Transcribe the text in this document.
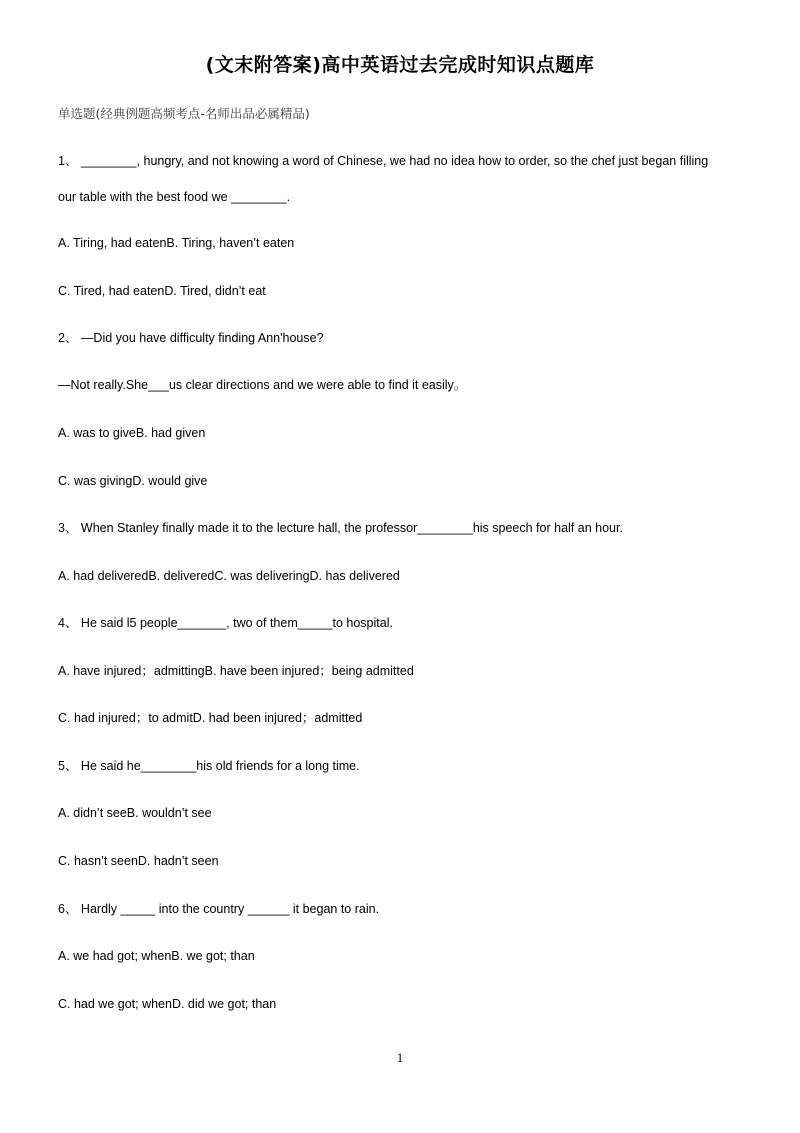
(文末附答案)高中英语过去完成时知识点题库
单选题(经典例题高频考点-名师出品必属精品)
1、 ________, hungry, and not knowing a word of Chinese, we had no idea how to order, so the chef just began filling
our table with the best food we ________.
A. Tiring, had eatenB. Tiring, haven’t eaten
C. Tired, had eatenD. Tired, didn’t eat
2、 —Did you have difficulty finding Ann'house?
—Not really.She___us clear directions and we were able to find it easily。
A. was to giveB. had given
C. was givingD. would give
3、 When Stanley finally made it to the lecture hall, the professor________his speech for half an hour.
A. had deliveredB. deliveredC. was deliveringD. has delivered
4、 He said l5 people_______, two of them_____to hospital.
A. have injured；admittingB. have been injured；being admitted
C. had injured；to admitD. had been injured；admitted
5、 He said he________his old friends for a long time.
A. didn’t seeB. wouldn’t see
C. hasn’t seenD. hadn’t seen
6、 Hardly _____ into the country ______ it began to rain.
A. we had got; whenB. we got; than
C. had we got; whenD. did we got; than
1
